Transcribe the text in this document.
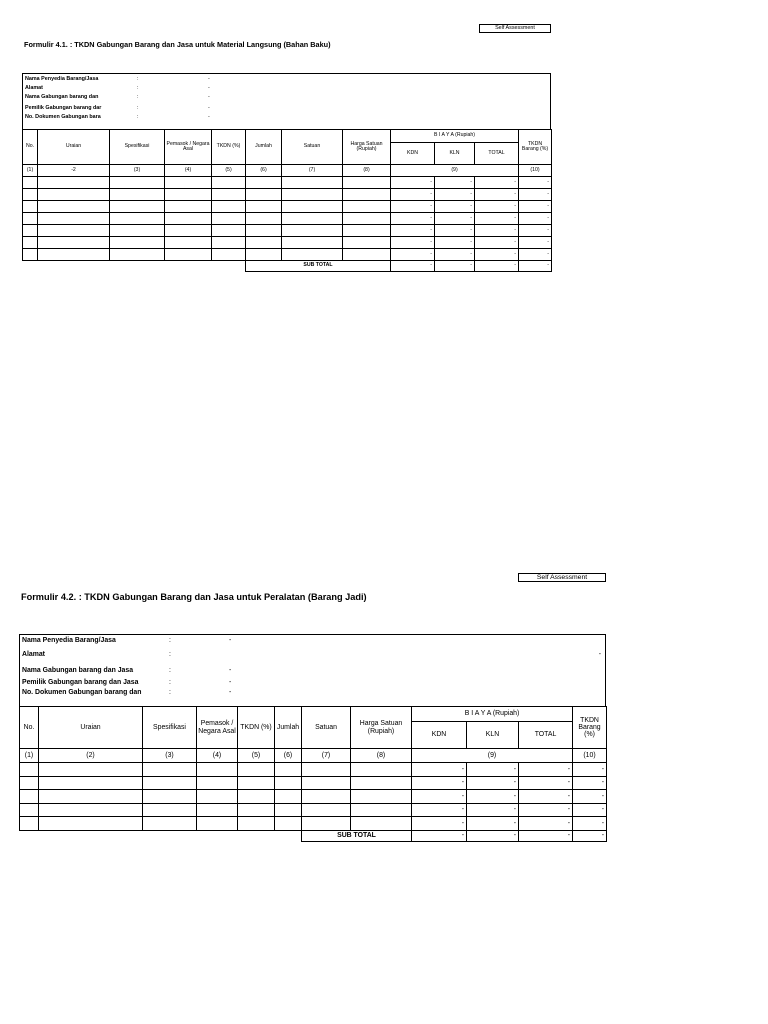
Self Assessment
Formulir 4.1. : TKDN Gabungan Barang dan Jasa untuk Material Langsung (Bahan Baku)
Nama Penyedia Barang/Jasa	:	-
Alamat	:	-
Nama Gabungan barang dan	:	-
Pemilik Gabungan barang dar	:	-
No. Dokumen Gabungan bara	:	-
No.	Uraian	Spesifikasi	Pemasok / Negara Asal	TKDN (%)	Jumlah	Satuan	Harga Satuan (Rupiah)	B I A Y A (Rupiah)			TKDN Barang (%)
								KDN	KLN	TOTAL	
(1)	-2	(3)	(4)	(5)	(6)	(7)	(8)	(9)			(10)
								-	-	-	-
								-	-	-	-
								-	-	-	-
								-	-	-	-
								-	-	-	-
								-	-	-	-
								-	-	-	-
					SUB TOTAL			-	-	-	-
Self Assessment
Formulir 4.2. : TKDN Gabungan Barang dan Jasa untuk Peralatan (Barang Jadi)
Nama Penyedia Barang/Jasa	:	-
Alamat	:	-
Nama Gabungan barang dan Jasa	:	-
Pemilik Gabungan barang dan Jasa	:	-
No. Dokumen Gabungan barang dan	:	-
No.	Uraian	Spesifikasi	Pemasok / Negara Asal	TKDN (%)	Jumlah	Satuan	Harga Satuan (Rupiah)	B I A Y A (Rupiah)			TKDN Barang (%)
								KDN	KLN	TOTAL	
(1)	(2)	(3)	(4)	(5)	(6)	(7)	(8)	(9)			(10)
								-	-	-	-
								-	-	-	-
								-	-	-	-
								-	-	-	-
								-	-	-	-
						SUB TOTAL		-	-	-	-
